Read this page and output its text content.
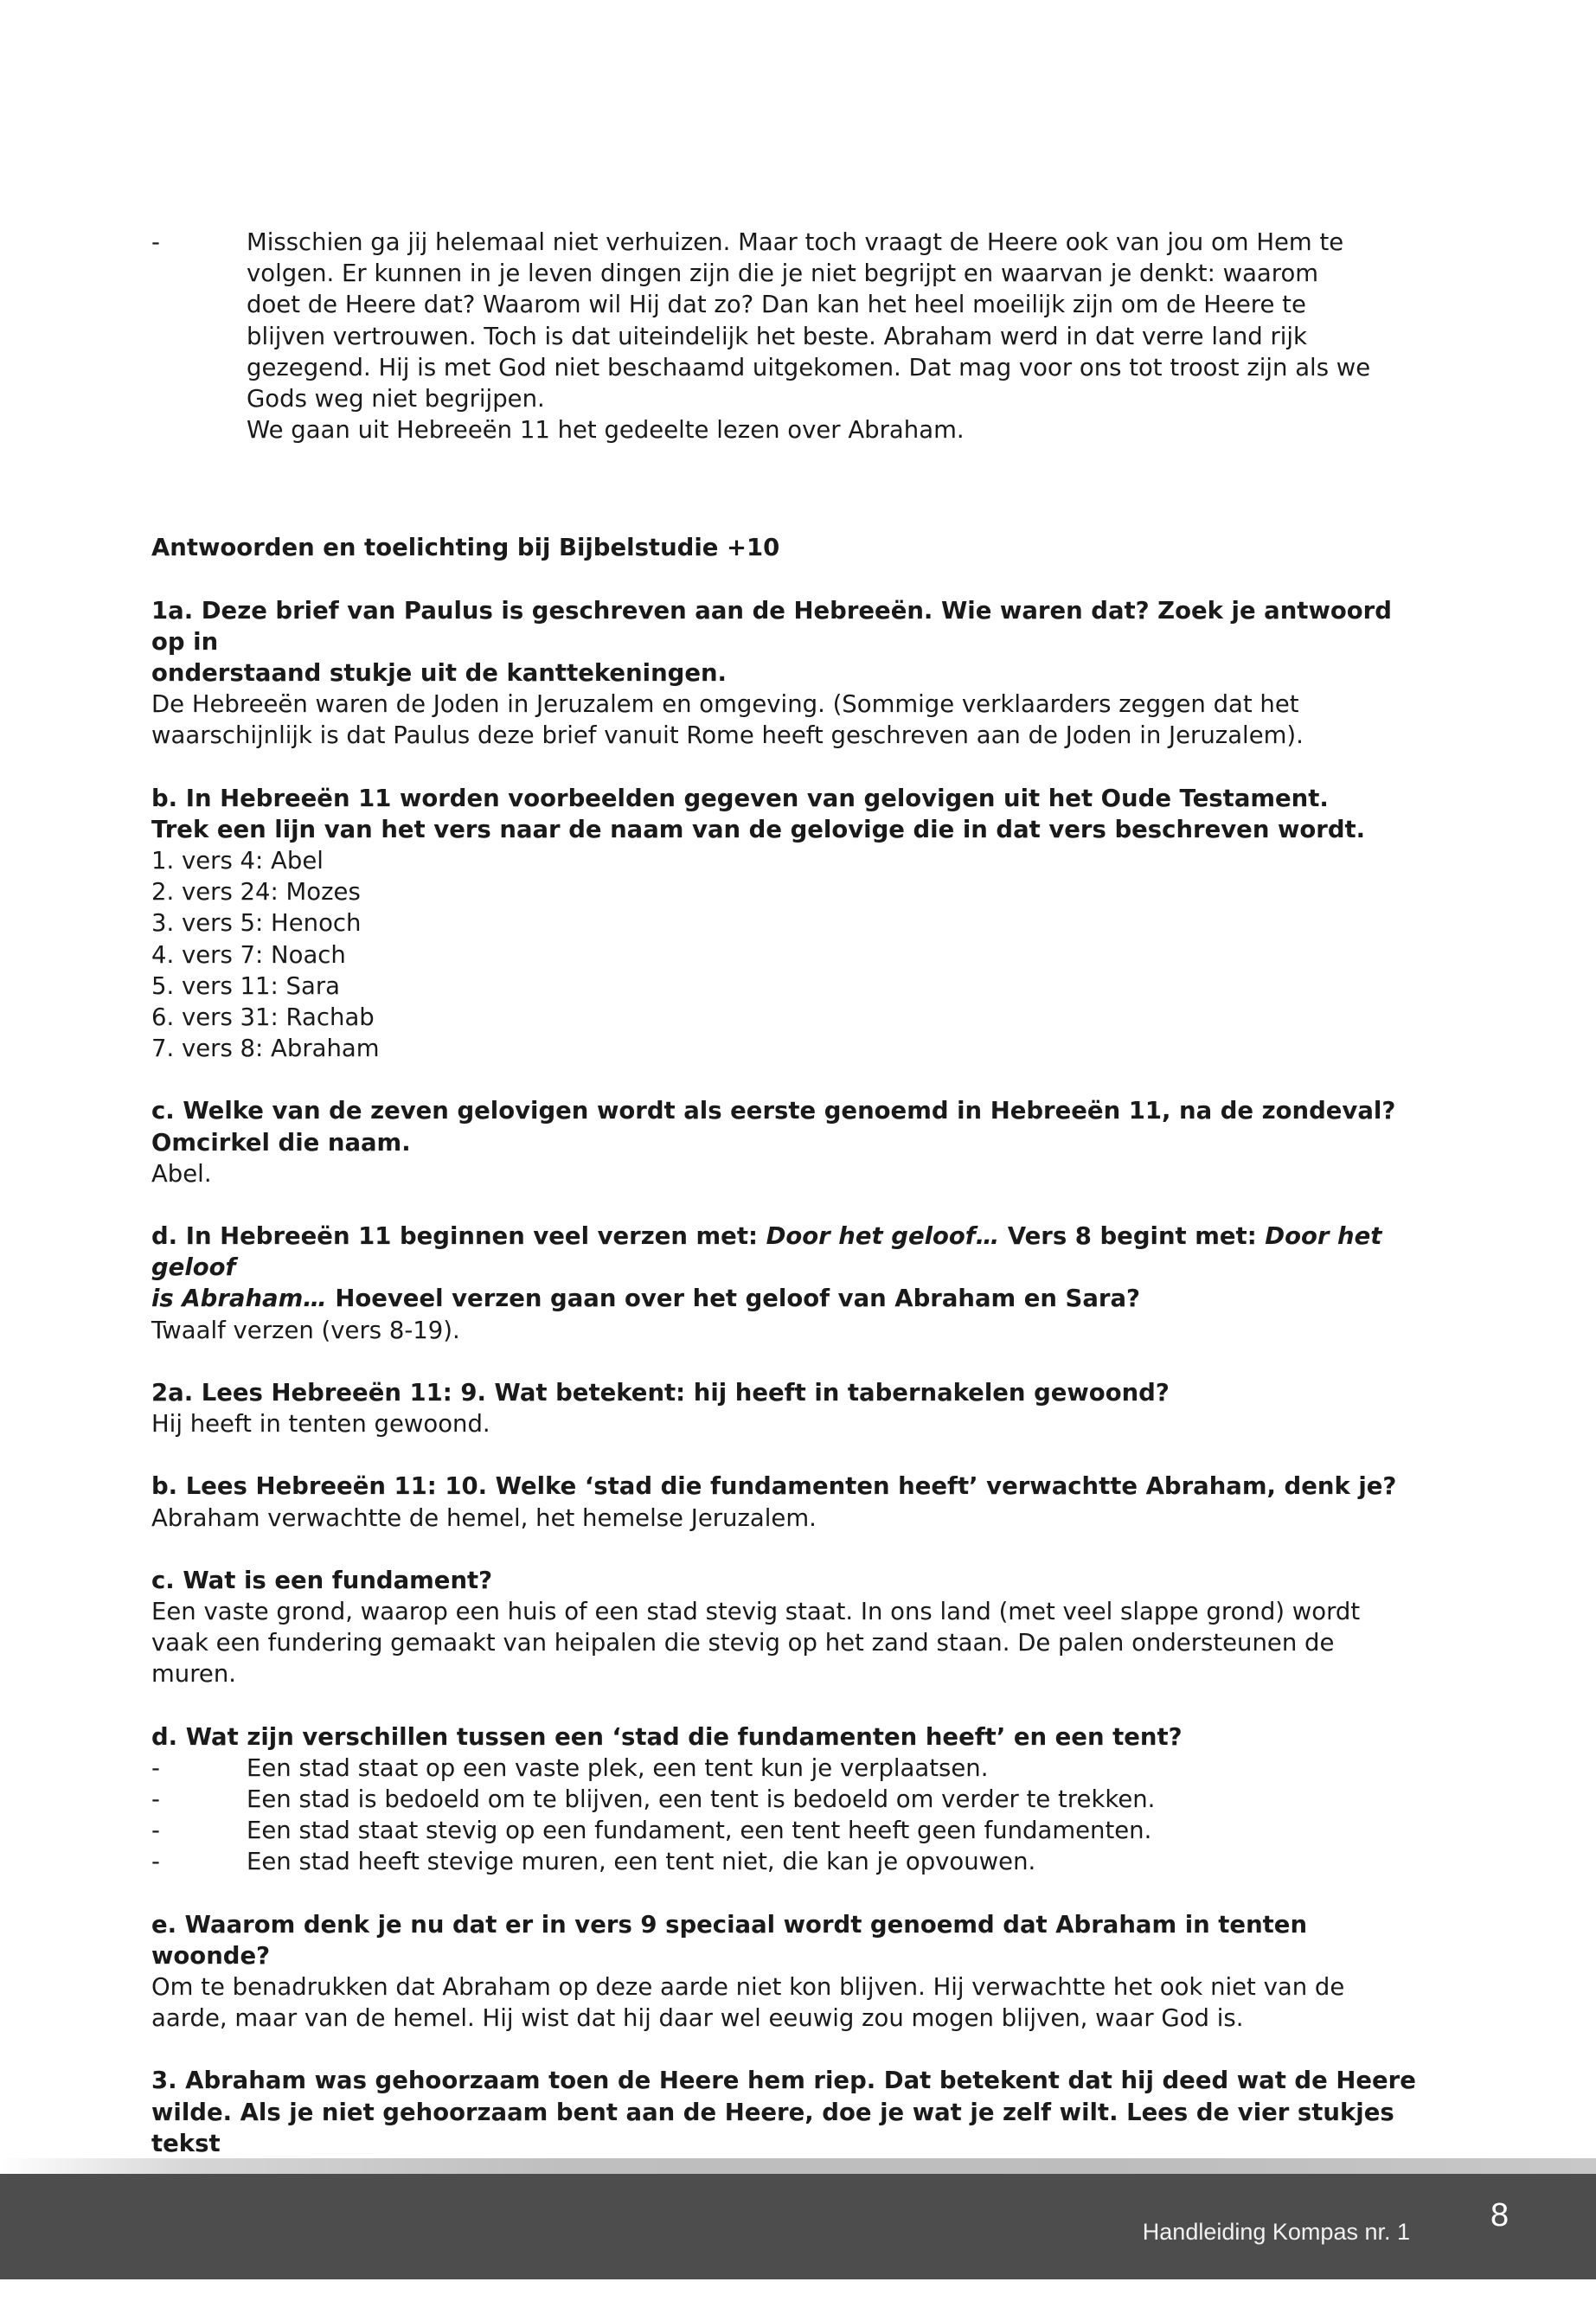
-	Misschien ga jij helemaal niet verhuizen. Maar toch vraagt de Heere ook van jou om Hem te
volgen. Er kunnen in je leven dingen zijn die je niet begrijpt en waarvan je denkt: waarom
doet de Heere dat? Waarom wil Hij dat zo? Dan kan het heel moeilijk zijn om de Heere te
blijven vertrouwen. Toch is dat uiteindelijk het beste. Abraham werd in dat verre land rijk
gezegend. Hij is met God niet beschaamd uitgekomen. Dat mag voor ons tot troost zijn als we
Gods weg niet begrijpen.
We gaan uit Hebreeën 11 het gedeelte lezen over Abraham.
Antwoorden en toelichting bij Bijbelstudie +10
1a. Deze brief van Paulus is geschreven aan de Hebreeën. Wie waren dat? Zoek je antwoord op in
onderstaand stukje uit de kanttekeningen.
De Hebreeën waren de Joden in Jeruzalem en omgeving. (Sommige verklaarders zeggen dat het
waarschijnlijk is dat Paulus deze brief vanuit Rome heeft geschreven aan de Joden in Jeruzalem).
b. In Hebreeën 11 worden voorbeelden gegeven van gelovigen uit het Oude Testament.
Trek een lijn van het vers naar de naam van de gelovige die in dat vers beschreven wordt.
1. vers 4: Abel
2. vers 24: Mozes
3. vers 5: Henoch
4. vers 7: Noach
5. vers 11: Sara
6. vers 31: Rachab
7. vers 8: Abraham
c. Welke van de zeven gelovigen wordt als eerste genoemd in Hebreeën 11, na de zondeval?
Omcirkel die naam.
Abel.
d. In Hebreeën 11 beginnen veel verzen met: Door het geloof… Vers 8 begint met: Door het geloof
is Abraham… Hoeveel verzen gaan over het geloof van Abraham en Sara?
Twaalf verzen (vers 8-19).
2a. Lees Hebreeën 11: 9. Wat betekent: hij heeft in tabernakelen gewoond?
Hij heeft in tenten gewoond.
b. Lees Hebreeën 11: 10. Welke ‘stad die fundamenten heeft’ verwachtte Abraham, denk je?
Abraham verwachtte de hemel, het hemelse Jeruzalem.
c. Wat is een fundament?
Een vaste grond, waarop een huis of een stad stevig staat. In ons land (met veel slappe grond) wordt
vaak een fundering gemaakt van heipalen die stevig op het zand staan. De palen ondersteunen de
muren.
d. Wat zijn verschillen tussen een ‘stad die fundamenten heeft’ en een tent?
-	Een stad staat op een vaste plek, een tent kun je verplaatsen.
-	Een stad is bedoeld om te blijven, een tent is bedoeld om verder te trekken.
-	Een stad staat stevig op een fundament, een tent heeft geen fundamenten.
-	Een stad heeft stevige muren, een tent niet, die kan je opvouwen.
e. Waarom denk je nu dat er in vers 9 speciaal wordt genoemd dat Abraham in tenten woonde?
Om te benadrukken dat Abraham op deze aarde niet kon blijven. Hij verwachtte het ook niet van de
aarde, maar van de hemel. Hij wist dat hij daar wel eeuwig zou mogen blijven, waar God is.
3. Abraham was gehoorzaam toen de Heere hem riep. Dat betekent dat hij deed wat de Heere
wilde. Als je niet gehoorzaam bent aan de Heere, doe je wat je zelf wilt. Lees de vier stukjes tekst
Handleiding Kompas nr. 1 8
